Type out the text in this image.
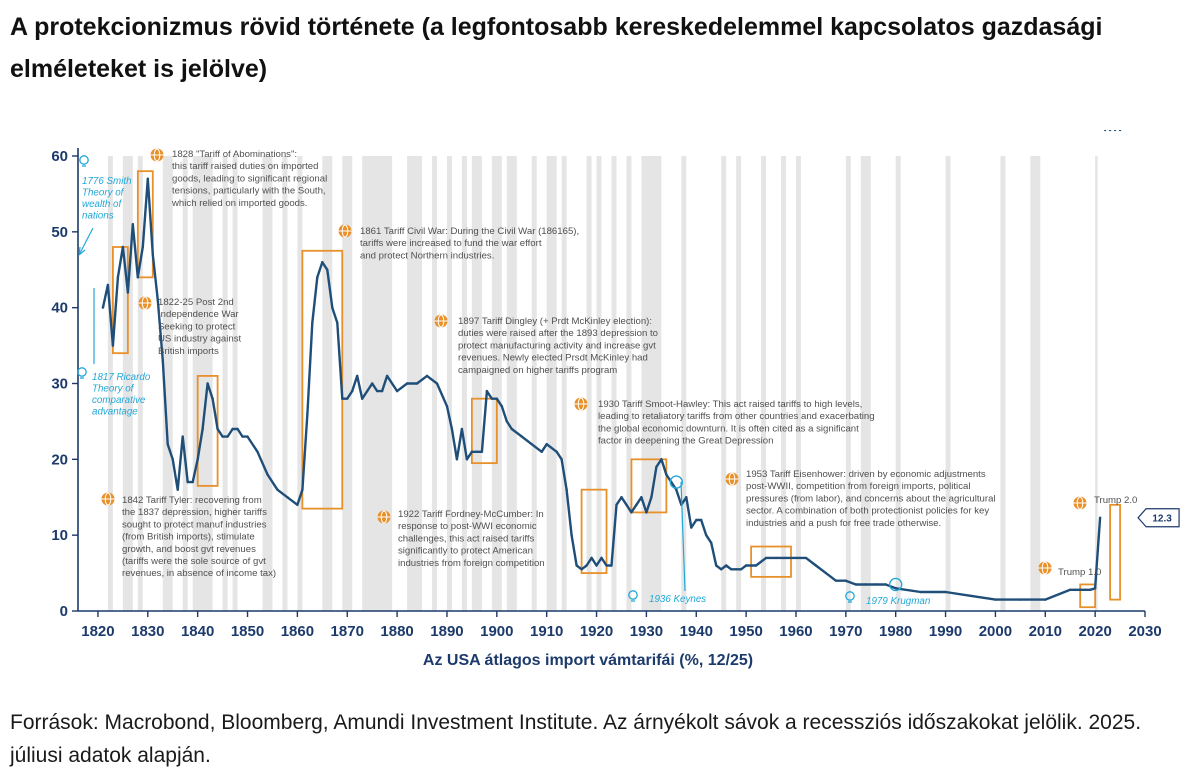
A protekcionizmus rövid története (a legfontosabb kereskedelemmel kapcsolatos gazdasági elméleteket is jelölve)
0
10
20
30
40
50
60
1820 1830 1840 1850 1860 1870 1880 1890 1900 1910 1920 1930 1940 1950 1960 1970 1980 1990 2000 2010 2020 2030
12.3
1828 "Tariff of Abominations": this tariff raised duties on imported goods, leading to significant regional tensions, particularly with the South, which relied on imported goods.
1861 Tariff Civil War: During the Civil War (186165), tariffs were increased to fund the war effort and protect Northern industries.
1822-25 Post 2nd Independence War Seeking to protect US industry against British imports
1897 Tariff Dingley (+ Prdt McKinley election): duties were raised after the 1893 depression to protect manufacturing activity and increase gvt revenues. Newly elected Prsdt McKinley had campaigned on higher tariffs program
1930 Tariff Smoot-Hawley: This act raised tariffs to high levels, leading to retaliatory tariffs from other countries and exacerbating the global economic downturn. It is often cited as a significant factor in deepening the Great Depression
1842 Tariff Tyler: recovering from the 1837 depression, higher tariffs sought to protect manuf industries (from British imports), stimulate growth, and boost gvt revenues (tariffs were the sole source of gvt revenues, in absence of income tax)
1922 Tariff Fordney-McCumber: In response to post-WWI economic challenges, this act raised tariffs significantly to protect American industries from foreign competition
1953 Tariff Eisenhower: driven by economic adjustments post-WWII, competition from foreign imports, political pressures (from labor), and concerns about the agricultural sector. A combination of both protectionist policies for key industries and a push for free trade otherwise.
Trump 1.0
Trump 2.0
1776 Smith Theory of wealth of nations
1817 Ricardo Theory of comparative advantage
1936 Keynes	1979 Krugman
Az USA átlagos import vámtarifái (%, 12/25)

Források: Macrobond, Bloomberg, Amundi Investment Institute. Az árnyékolt sávok a recessziós időszakokat jelölik. 2025. júliusi adatok alapján.
